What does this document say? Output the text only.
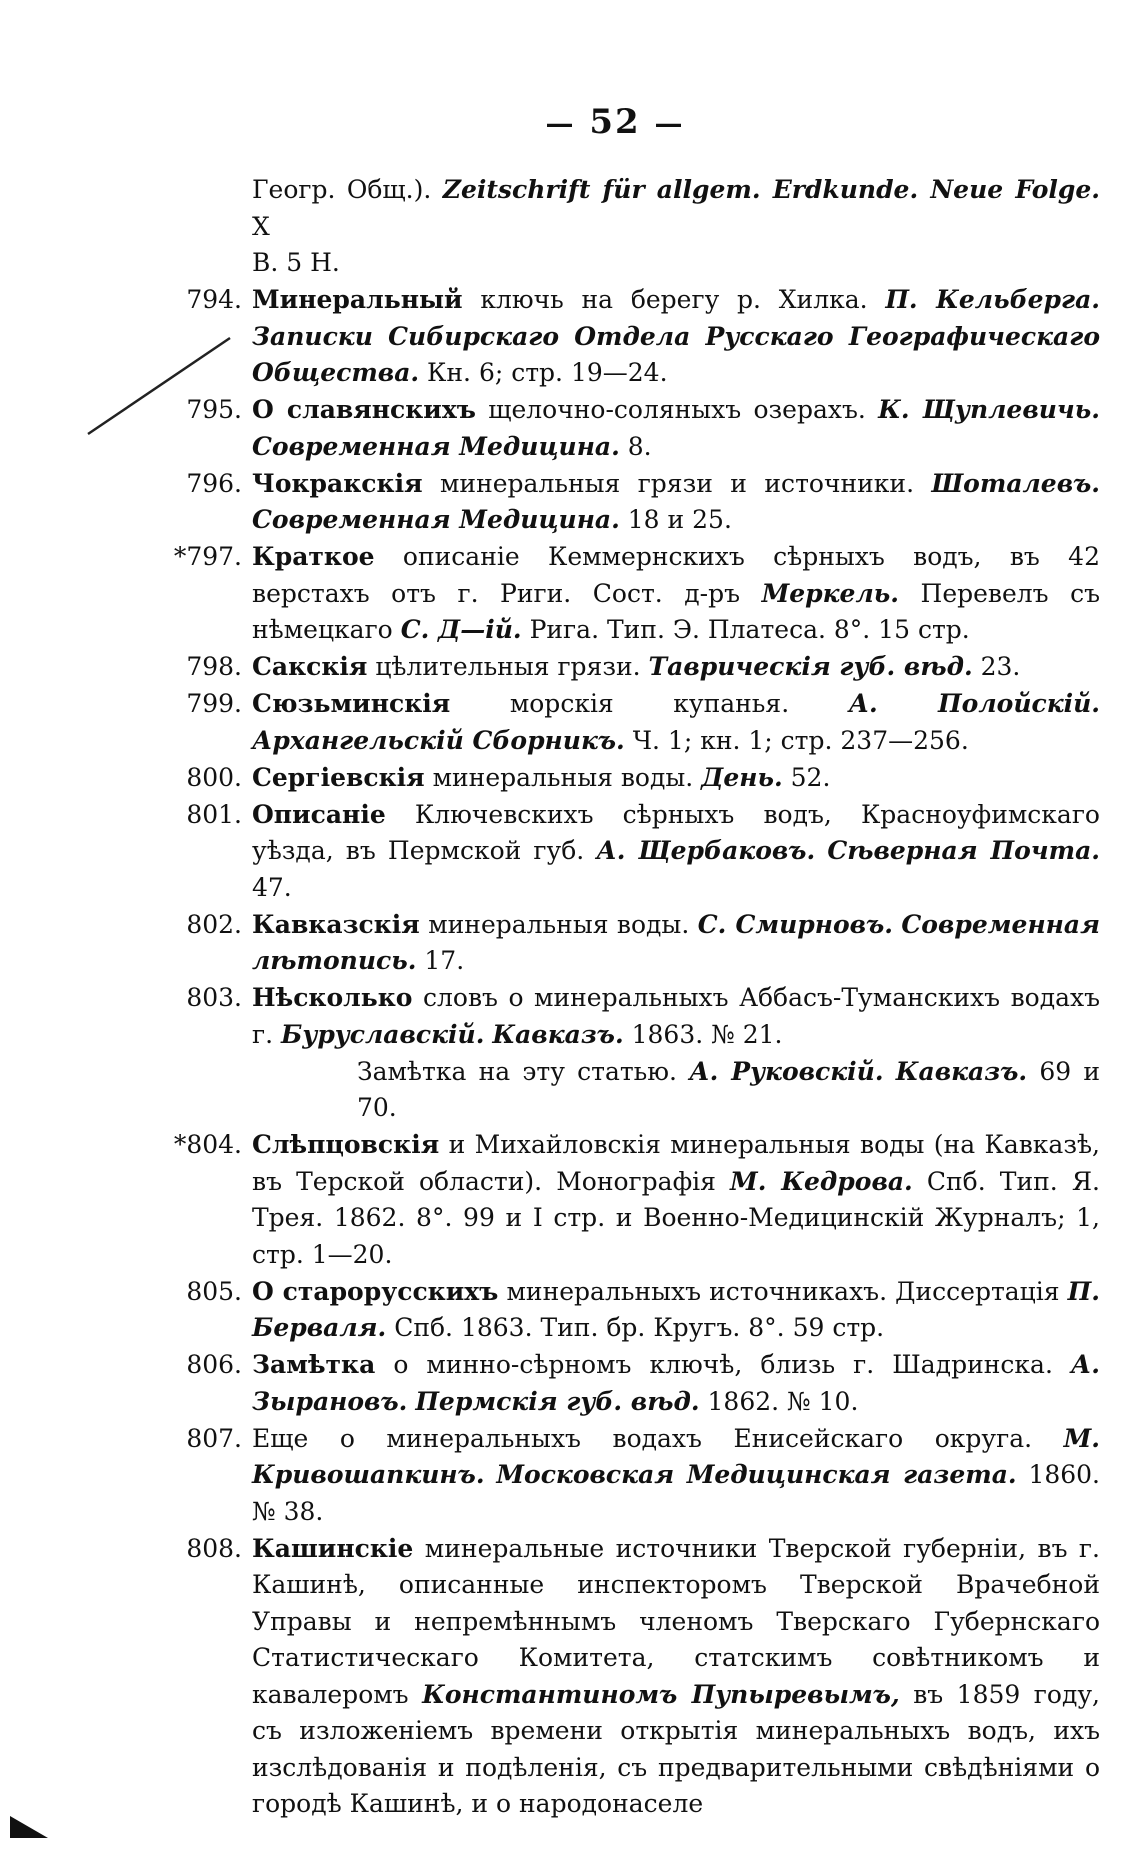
— 52 —
Геогр. Общ.). Zeitschrift für allgem. Erdkunde. Neue Folge. X
B. 5 H.
794. Минеральный ключь на берегу р. Хилка. П. Кельберга. Записки Сибирскаго Отдела Русскаго Географическаго Общества. Кн. 6; стр. 19—24.
795. О славянскихъ щелочно-соляныхъ озерахъ. К. Щуплевичь. Современная Медицина. 8.
796. Чокракскія минеральныя грязи и источники. Шоталевъ. Современная Медицина. 18 и 25.
*797. Краткое описаніе Кеммернскихъ сѣрныхъ водъ, въ 42 верстахъ отъ г. Риги. Сост. д-ръ Меркель. Перевелъ съ нѣмецкаго С. Д—ій. Рига. Тип. Э. Платеса. 8°. 15 стр.
798. Сакскія цѣлительныя грязи. Таврическія губ. вѣд. 23.
799. Сюзьминскія морскія купанья. А. Полойскій. Архангельскій Сборникъ. Ч. 1; кн. 1; стр. 237—256.
800. Сергіевскія минеральныя воды. День. 52.
801. Описаніе Ключевскихъ сѣрныхъ водъ, Красноуфимскаго уѣзда, въ Пермской губ. А. Щербаковъ. Сѣверная Почта. 47.
802. Кавказскія минеральныя воды. С. Смирновъ. Современная лѣтопись. 17.
803. Нѣсколько словъ о минеральныхъ Аббасъ-Туманскихъ водахъ г. Буруславскій. Кавказъ. 1863. № 21.
Замѣтка на эту статью. А. Руковскій. Кавказъ. 69 и 70.
*804. Слѣпцовскія и Михайловскія минеральныя воды (на Кавказѣ, въ Терской области). Монографія М. Кедрова. Спб. Тип. Я. Трея. 1862. 8°. 99 и I стр. и Военно-Медицинскій Журналъ; 1, стр. 1—20.
805. О старорусскихъ минеральныхъ источникахъ. Диссертація П. Берваля. Спб. 1863. Тип. бр. Кругъ. 8°. 59 стр.
806. Замѣтка о минно-сѣрномъ ключѣ, близь г. Шадринска. А. Зырановъ. Пермскія губ. вѣд. 1862. № 10.
807. Еще о минеральныхъ водахъ Енисейскаго округа. М. Кривошапкинъ. Московская Медицинская газета. 1860. № 38.
808. Кашинскіе минеральные источники Тверской губерніи, въ г. Кашинѣ, описанные инспекторомъ Тверской Врачебной Управы и непремѣннымъ членомъ Тверскаго Губернскаго Статистическаго Комитета, статскимъ совѣтникомъ и кавалеромъ Константиномъ Пупыревымъ, въ 1859 году, съ изложеніемъ времени открытія минеральныхъ водъ, ихъ изслѣдованія и подѣленія, съ предварительными свѣдѣніями о городѣ Кашинѣ, и о народонаселе
